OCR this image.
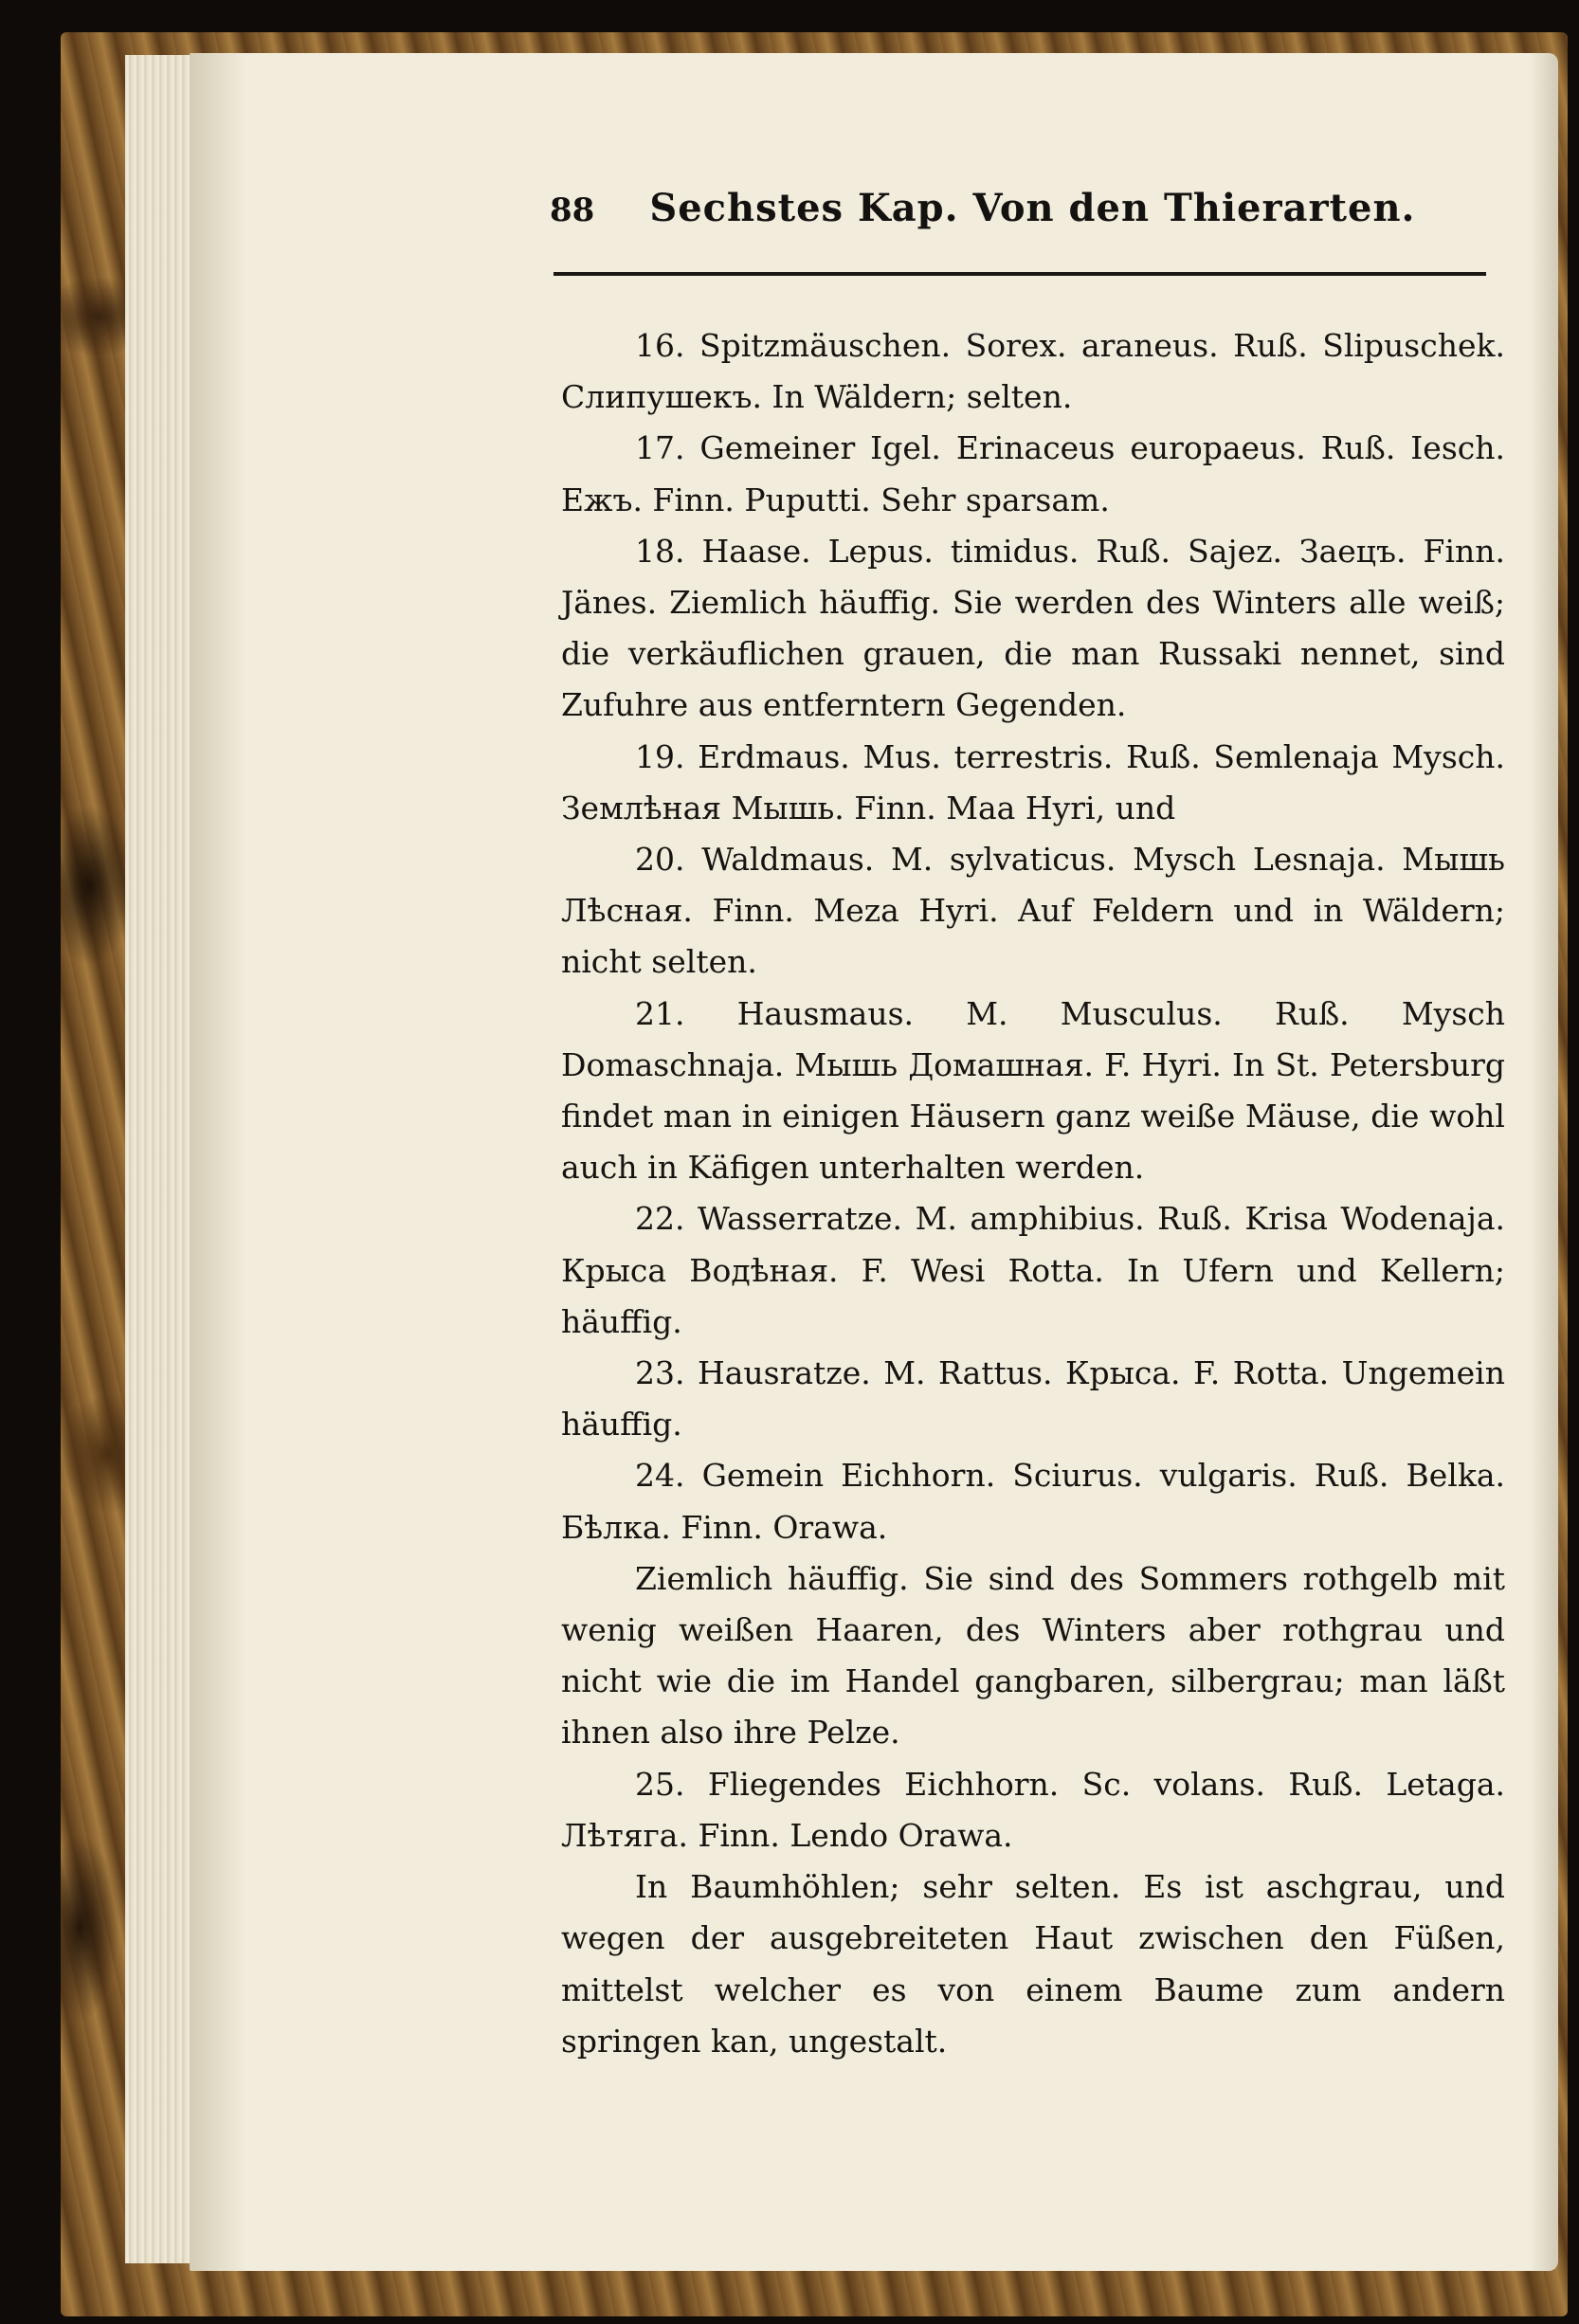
88 Sechstes Kap. Von den Thierarten.

16. Spitzmäuschen. Sorex. araneus. Ruß. Slipuschek. Слипушекъ. In Wäldern; selten.

17. Gemeiner Igel. Erinaceus europaeus. Ruß. Iesch. Ежъ. Finn. Puputti. Sehr sparsam.

18. Haase. Lepus. timidus. Ruß. Sajez. Заецъ. Finn. Jänes. Ziemlich häuffig. Sie werden des Winters alle weiß; die verkäuflichen grauen, die man Russaki nennet, sind Zufuhre aus entferntern Gegenden.

19. Erdmaus. Mus. terrestris. Ruß. Semlenaja Mysch. Землѣная Мышь. Finn. Maa Hyri, und

20. Waldmaus. M. sylvaticus. Mysch Lesnaja. Мышь Лѣсная. Finn. Meza Hyri. Auf Feldern und in Wäldern; nicht selten.

21. Hausmaus. M. Musculus. Ruß. Mysch Domaschnaja. Мышь Домашная. F. Hyri. In St. Petersburg findet man in einigen Häusern ganz weiße Mäuse, die wohl auch in Käfigen unterhalten werden.

22. Wasserratze. M. amphibius. Ruß. Krisa Wodenaja. Крыса Водѣная. F. Wesi Rotta. In Ufern und Kellern; häuffig.

23. Hausratze. M. Rattus. Крыса. F. Rotta. Ungemein häuffig.

24. Gemein Eichhorn. Sciurus. vulgaris. Ruß. Belka. Бѣлка. Finn. Orawa.

Ziemlich häuffig. Sie sind des Sommers rothgelb mit wenig weißen Haaren, des Winters aber rothgrau und nicht wie die im Handel gangbaren, silbergrau; man läßt ihnen also ihre Pelze.

25. Fliegendes Eichhorn. Sc. volans. Ruß. Letaga. Лѣтяга. Finn. Lendo Orawa.

In Baumhöhlen; sehr selten. Es ist aschgrau, und wegen der ausgebreiteten Haut zwischen den Füßen, mittelst welcher es von einem Baume zum andern springen kan, ungestalt.
